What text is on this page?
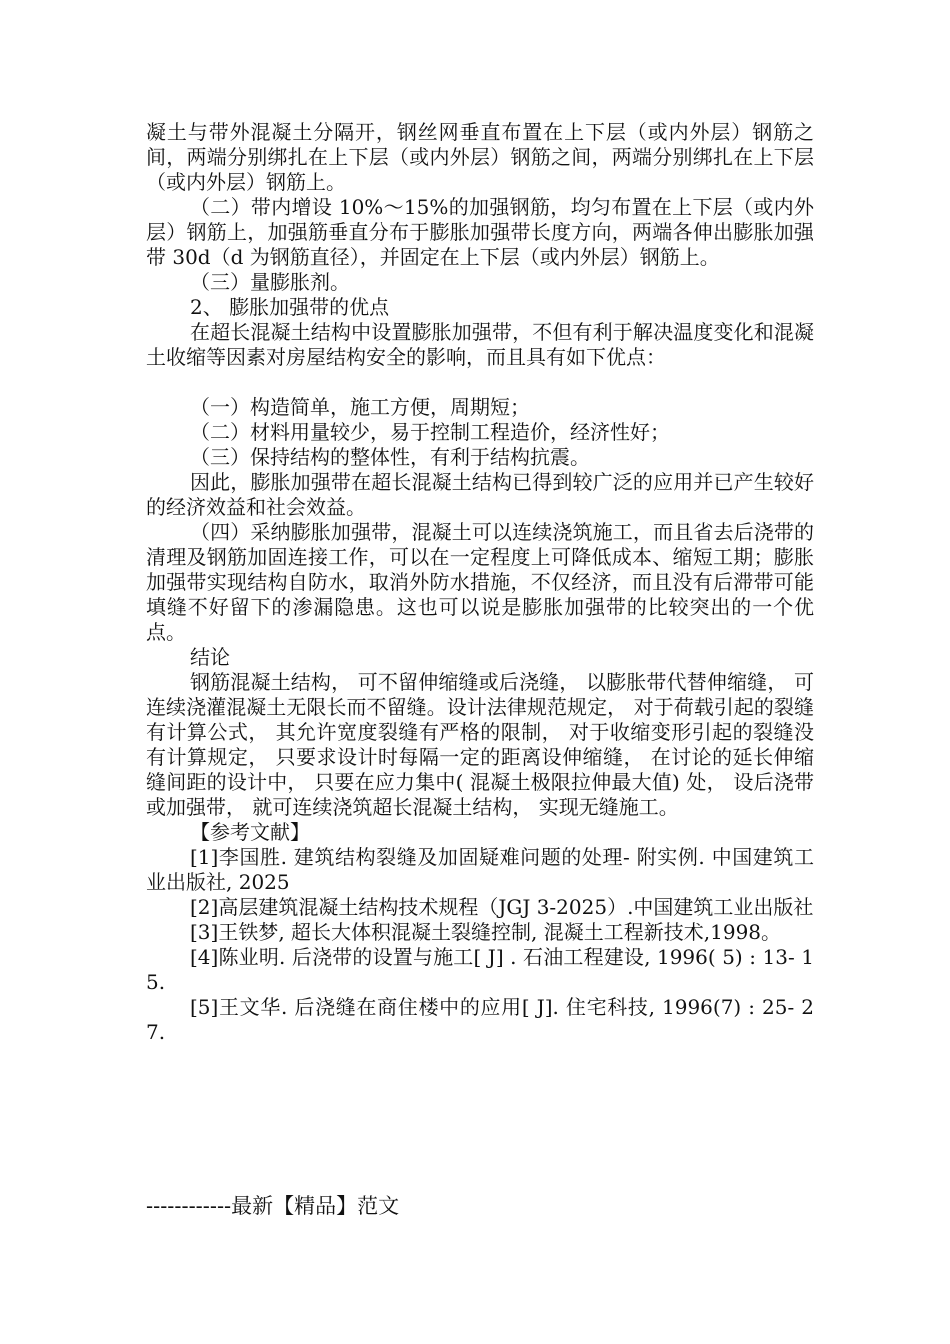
凝土与带外混凝土分隔开，钢丝网垂直布置在上下层（或内外层）钢筋之间，两端分别绑扎在上下层（或内外层）钢筋之间，两端分别绑扎在上下层（或内外层）钢筋上。

（二）带内增设 10%～15%的加强钢筋，均匀布置在上下层（或内外层）钢筋上，加强筋垂直分布于膨胀加强带长度方向，两端各伸出膨胀加强带 30d（d 为钢筋直径），并固定在上下层（或内外层）钢筋上。

（三）量膨胀剂。

2、 膨胀加强带的优点

在超长混凝土结构中设置膨胀加强带，不但有利于解决温度变化和混凝土收缩等因素对房屋结构安全的影响，而且具有如下优点：

（一）构造简单，施工方便，周期短；

（二）材料用量较少，易于控制工程造价，经济性好；

（三）保持结构的整体性，有利于结构抗震。

因此，膨胀加强带在超长混凝土结构已得到较广泛的应用并已产生较好的经济效益和社会效益。

（四）采纳膨胀加强带，混凝土可以连续浇筑施工，而且省去后浇带的清理及钢筋加固连接工作，可以在一定程度上可降低成本、缩短工期；膨胀加强带实现结构自防水，取消外防水措施，不仅经济，而且没有后滞带可能填缝不好留下的渗漏隐患。这也可以说是膨胀加强带的比较突出的一个优点。

结论

钢筋混凝土结构， 可不留伸缩缝或后浇缝， 以膨胀带代替伸缩缝， 可连续浇灌混凝土无限长而不留缝。设计法律规范规定， 对于荷载引起的裂缝有计算公式， 其允许宽度裂缝有严格的限制， 对于收缩变形引起的裂缝没有计算规定， 只要求设计时每隔一定的距离设伸缩缝， 在讨论的延长伸缩缝间距的设计中， 只要在应力集中( 混凝土极限拉伸最大值) 处， 设后浇带或加强带， 就可连续浇筑超长混凝土结构， 实现无缝施工。

【参考文献】

[1]李国胜. 建筑结构裂缝及加固疑难问题的处理- 附实例. 中国建筑工业出版社, 2025

[2]高层建筑混凝土结构技术规程（JGJ 3-2025）.中国建筑工业出版社

[3]王铁梦, 超长大体积混凝土裂缝控制, 混凝土工程新技术,1998。

[4]陈业明. 后浇带的设置与施工[ J] . 石油工程建设, 1996( 5) : 13- 15.

[5]王文华. 后浇缝在商住楼中的应用[ J]. 住宅科技, 1996(7) : 25- 27.

------------最新【精品】范文
